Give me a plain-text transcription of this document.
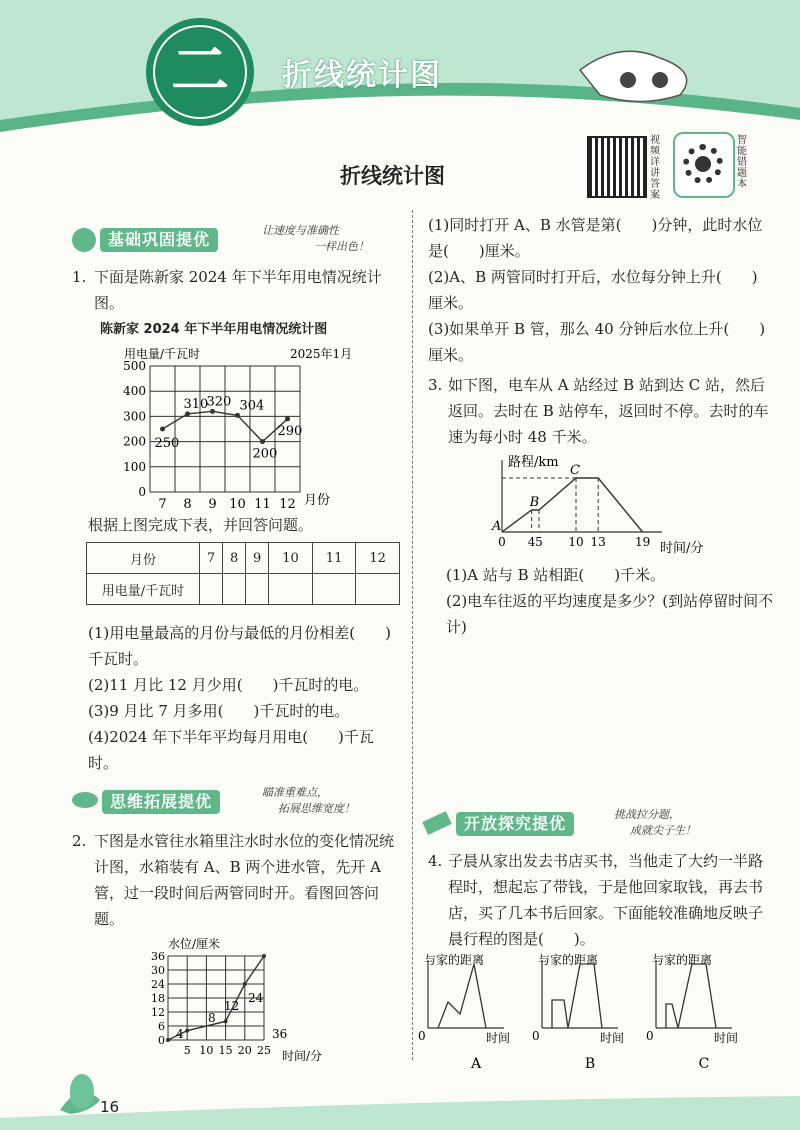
二	折线统计图
视频详讲答案
智能错题本
折线统计图
基础巩固提优	让速度与准确性
一样出色！
1. 下面是陈新家 2024 年下半年用电情况统计图。
陈新家 2024 年下半年用电情况统计图
用电量/千瓦时	2025年1月
月份
0
100
200
300
400
500
250
7
310
8
320
9
304
10
200
11
290
12
根据上图完成下表，并回答问题。
月份	7	8	9	10	11	12
用电量/千瓦时						
(1)用电量最高的月份与最低的月份相差(　　)千瓦时。
(2)11 月比 12 月少用(　　)千瓦时的电。
(3)9 月比 7 月多用(　　)千瓦时的电。
(4)2024 年下半年平均每月用电(　　)千瓦时。
思维拓展提优	瞄准重难点，
拓展思维宽度！
2. 下图是水管往水箱里注水时水位的变化情况统计图，水箱装有 A、B 两个进水管，先开 A 管，过一段时间后两管同时开。看图回答问题。
水位/厘米
时间/分
0
6
12
18
24
30
36
5 10 15 20 25
4
8
12
24
36
(1)同时打开 A、B 水管是第(　　)分钟，此时水位是(　　)厘米。
(2)A、B 两管同时打开后，水位每分钟上升(　　)厘米。
(3)如果单开 B 管，那么 40 分钟后水位上升(　　)厘米。
3. 如下图，电车从 A 站经过 B 站到达 C 站，然后返回。去时在 B 站停车，返回时不停。去时的车速为每小时 48 千米。
路程/km
时间/分
0 4 5 10 13 19
A
B
C
(1)A 站与 B 站相距(　　)千米。
(2)电车往返的平均速度是多少？(到站停留时间不计)
开放探究提优	挑战拉分题，
成就尖子生！
4. 子晨从家出发去书店买书，当他走了大约一半路程时，想起忘了带钱，于是他回家取钱，再去书店，买了几本书后回家。下面能较准确地反映子晨行程的图是(　　)。
与家的距离
时间
0
A
与家的距离
时间
0
B
与家的距离
时间
0
C
16
